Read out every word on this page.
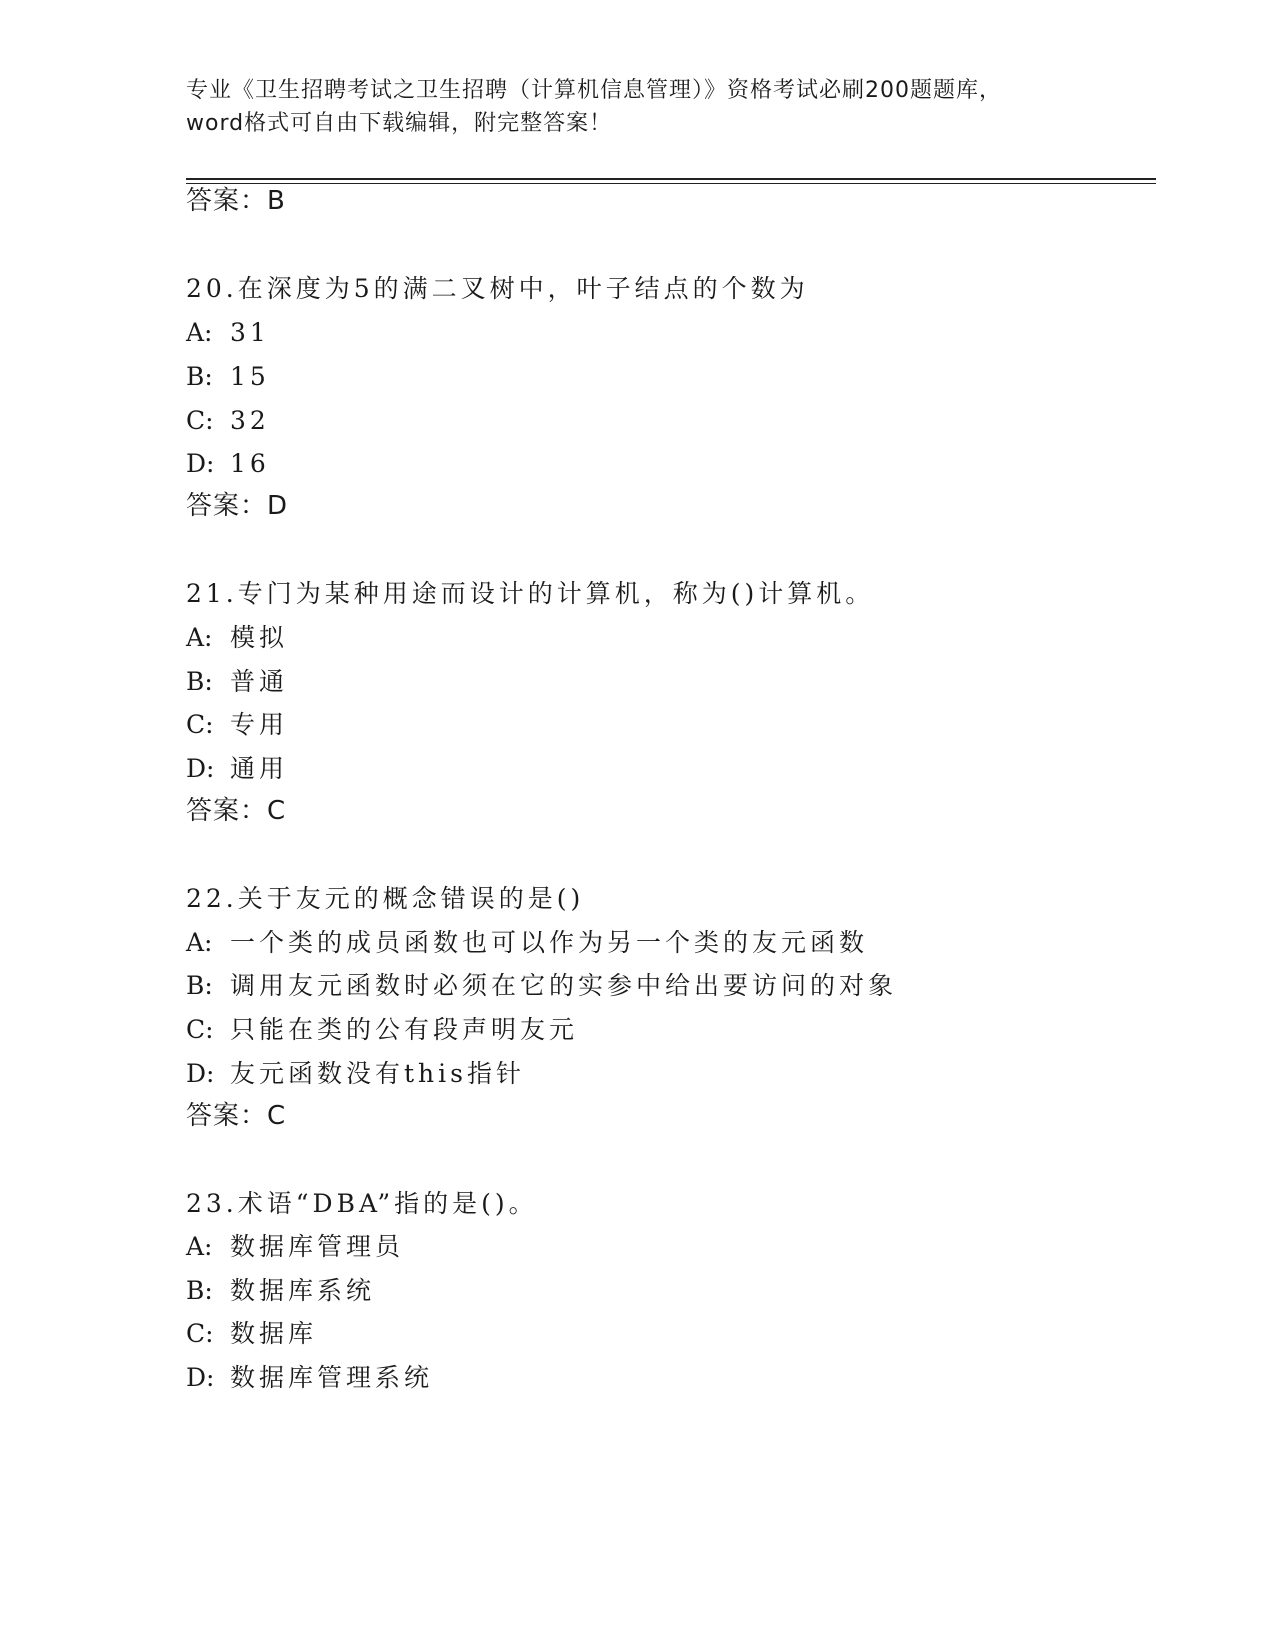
专业《卫生招聘考试之卫生招聘（计算机信息管理）》资格考试必刷200题题库，
word格式可自由下载编辑，附完整答案！
答案：B
20.在深度为5的满二叉树中，叶子结点的个数为
A: 31
B: 15
C: 32
D: 16
答案：D
21.专门为某种用途而设计的计算机，称为()计算机。
A: 模拟
B: 普通
C: 专用
D: 通用
答案：C
22.关于友元的概念错误的是()
A: 一个类的成员函数也可以作为另一个类的友元函数
B: 调用友元函数时必须在它的实参中给出要访问的对象
C: 只能在类的公有段声明友元
D: 友元函数没有this指针
答案：C
23.术语“DBA”指的是()。
A: 数据库管理员
B: 数据库系统
C: 数据库
D: 数据库管理系统
